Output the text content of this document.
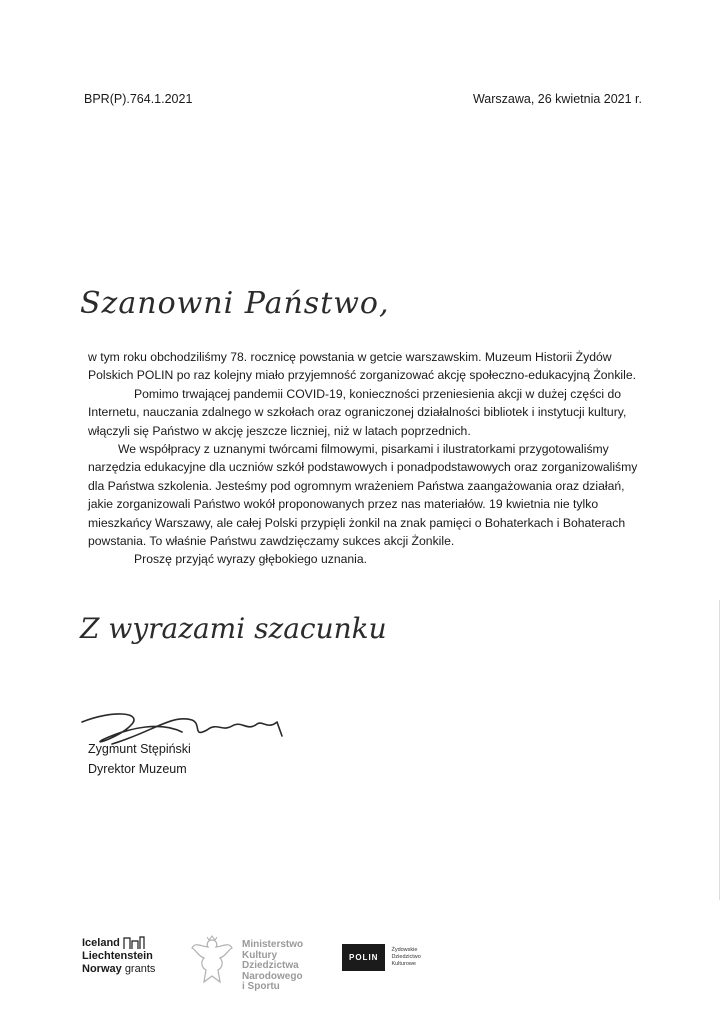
BPR(P).764.1.2021	Warszawa, 26 kwietnia 2021 r.
Szanowni Państwo,

w tym roku obchodziliśmy 78. rocznicę powstania w getcie warszawskim. Muzeum Historii Żydów Polskich POLIN po raz kolejny miało przyjemność zorganizować akcję społeczno-edukacyjną Żonkile.

Pomimo trwającej pandemii COVID-19, konieczności przeniesienia akcji w dużej części do Internetu, nauczania zdalnego w szkołach oraz ograniczonej działalności bibliotek i instytucji kultury, włączyli się Państwo w akcję jeszcze liczniej, niż w latach poprzednich.

We współpracy z uznanymi twórcami filmowymi, pisarkami i ilustratorkami przygotowaliśmy narzędzia edukacyjne dla uczniów szkół podstawowych i ponadpodstawowych oraz zorganizowaliśmy dla Państwa szkolenia. Jesteśmy pod ogromnym wrażeniem Państwa zaangażowania oraz działań, jakie zorganizowali Państwo wokół proponowanych przez nas materiałów. 19 kwietnia nie tylko mieszkańcy Warszawy, ale całej Polski przypięli żonkil na znak pamięci o Bohaterkach i Bohaterach powstania. To właśnie Państwu zawdzięczamy sukces akcji Żonkile.

Proszę przyjąć wyrazy głębokiego uznania.

Z wyrazami szacunku
Zygmunt Stępiński
Dyrektor Muzeum
Iceland
Liechtenstein
Norway grants
Ministerstwo
Kultury
Dziedzictwa
Narodowego
i Sportu
POLIN
Żydowskie
Dziedzictwo
Kulturowe
